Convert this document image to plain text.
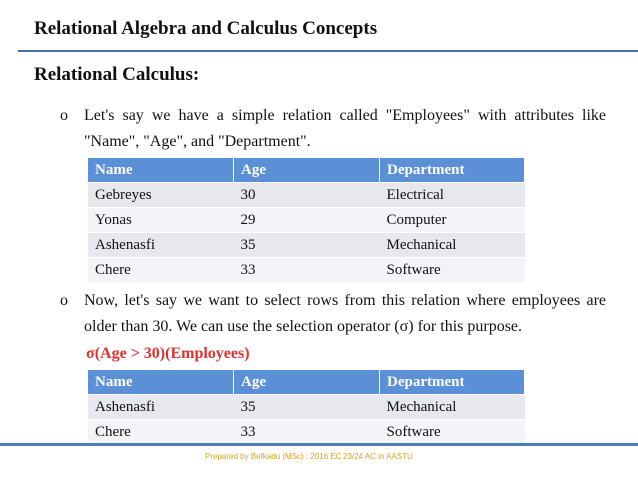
Relational Algebra and Calculus Concepts
Relational Calculus:
o Let's say we have a simple relation called "Employees" with attributes like "Name", "Age", and "Department".
Name	Age	Department
Gebreyes	30	Electrical
Yonas	29	Computer
Ashenasfi	35	Mechanical
Chere	33	Software
o Now, let's say we want to select rows from this relation where employees are older than 30. We can use the selection operator (σ) for this purpose.
σ(Age > 30)(Employees)
Name	Age	Department
Ashenasfi	35	Mechanical
Chere	33	Software
Prepared by Befkadu (MSc) : 2016 EC 23/24 AC in AASTU
